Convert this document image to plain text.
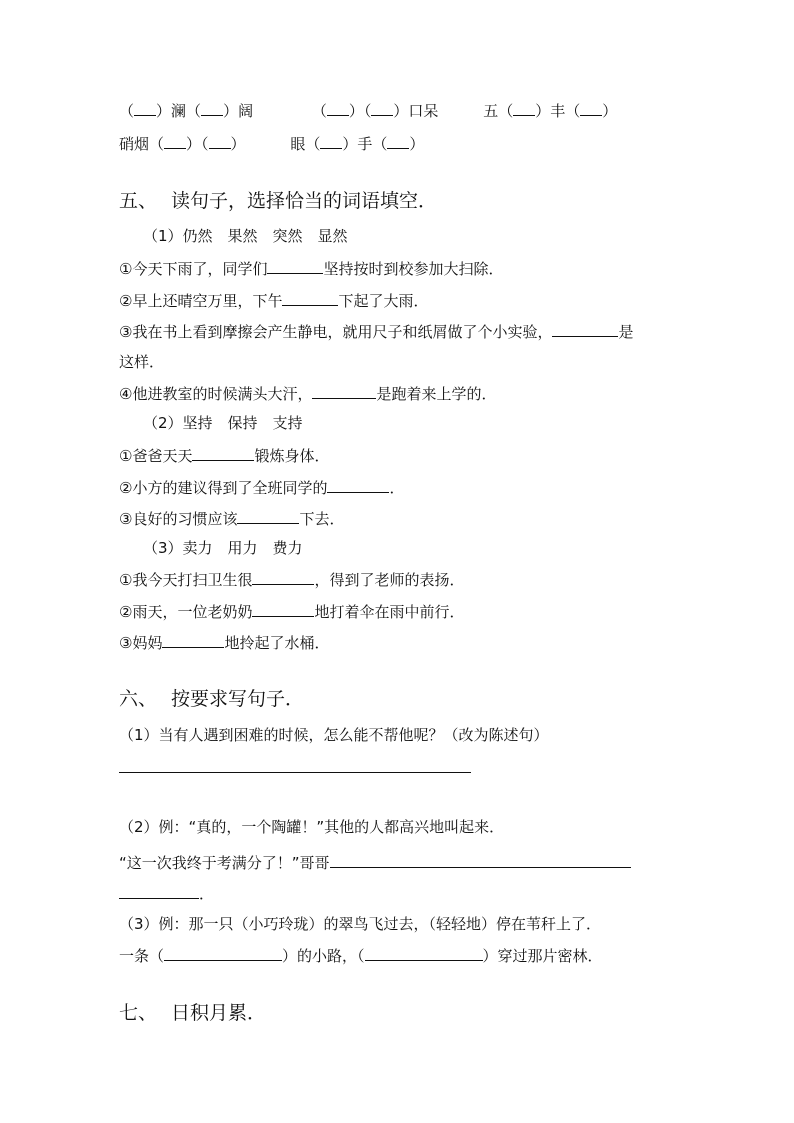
（ ）澜（ ）阔	（ ）（ ）口呆	五（ ）丰（ ）
硝烟（ ）（ ）	眼（ ）手（ ）
五、 读句子，选择恰当的词语填空．
（1）仍然　果然　突然　显然
①今天下雨了，同学们	坚持按时到校参加大扫除．
②早上还晴空万里，下午	下起了大雨．
③我在书上看到摩擦会产生静电，就用尺子和纸屑做了个小实验，	是
这样．
④他进教室的时候满头大汗，	是跑着来上学的．
（2）坚持　保持　支持
①爸爸天天	锻炼身体．
②小方的建议得到了全班同学的	．
③良好的习惯应该	下去．
（3）卖力　用力　费力
①我今天打扫卫生很	，得到了老师的表扬．
②雨天，一位老奶奶	地打着伞在雨中前行．
③妈妈	地拎起了水桶．
六、 按要求写句子．
（1）当有人遇到困难的时候，怎么能不帮他呢？（改为陈述句）
（2）例：“真的，一个陶罐！”其他的人都高兴地叫起来．
“这一次我终于考满分了！”哥哥
．
（3）例：那一只（小巧玲珑）的翠鸟飞过去，（轻轻地）停在苇秆上了．
一条（	）的小路，（	）穿过那片密林．
七、 日积月累．
